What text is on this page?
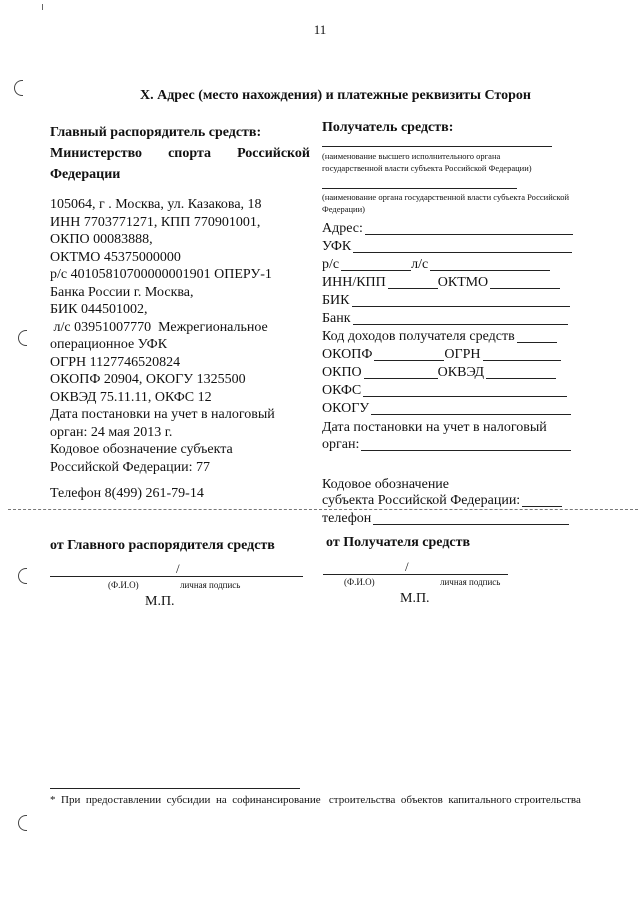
11
X. Адрес (место нахождения) и платежные реквизиты Сторон
Главный распорядитель средств:
Министерство спорта Российской
Федерации
105064, г . Москва, ул. Казакова, 18
ИНН 7703771271, КПП 770901001,
ОКПО 00083888,
ОКТМО 45375000000
р/с 40105810700000001901 ОПЕРУ-1
Банка России г. Москва,
БИК 044501002,
л/с 03951007770  Межрегиональное
операционное УФК
ОГРН 1127746520824
ОКОПФ 20904, ОКОГУ 1325500
ОКВЭД 75.11.11, ОКФС 12
Дата постановки на учет в налоговый
орган: 24 мая 2013 г.
Кодовое обозначение субъекта
Российской Федерации: 77
Телефон 8(499) 261-79-14
Получатель средств:
(наименование высшего исполнительного органа государственной власти субъекта Российской Федерации)
(наименование органа государственной власти субъекта Российской Федерации)
Адрес:
УФК
р/с	л/с
ИНН/КПП	ОКТМО
БИК
Банк
Код доходов получателя средств
ОКОПФ	ОГРН
ОКПО	ОКВЭД
ОКФС
ОКОГУ
Дата постановки на учет в налоговый
орган:
Кодовое обозначение
субъекта Российской Федерации:
телефон
от Главного распорядителя средств	от Получателя средств
/
(Ф.И.О)	личная подпись
М.П.
/
(Ф.И.О)	личная подпись
М.П.
*  При  предоставлении  субсидии  на  софинансирование   строительства  объектов  капитального строительства
